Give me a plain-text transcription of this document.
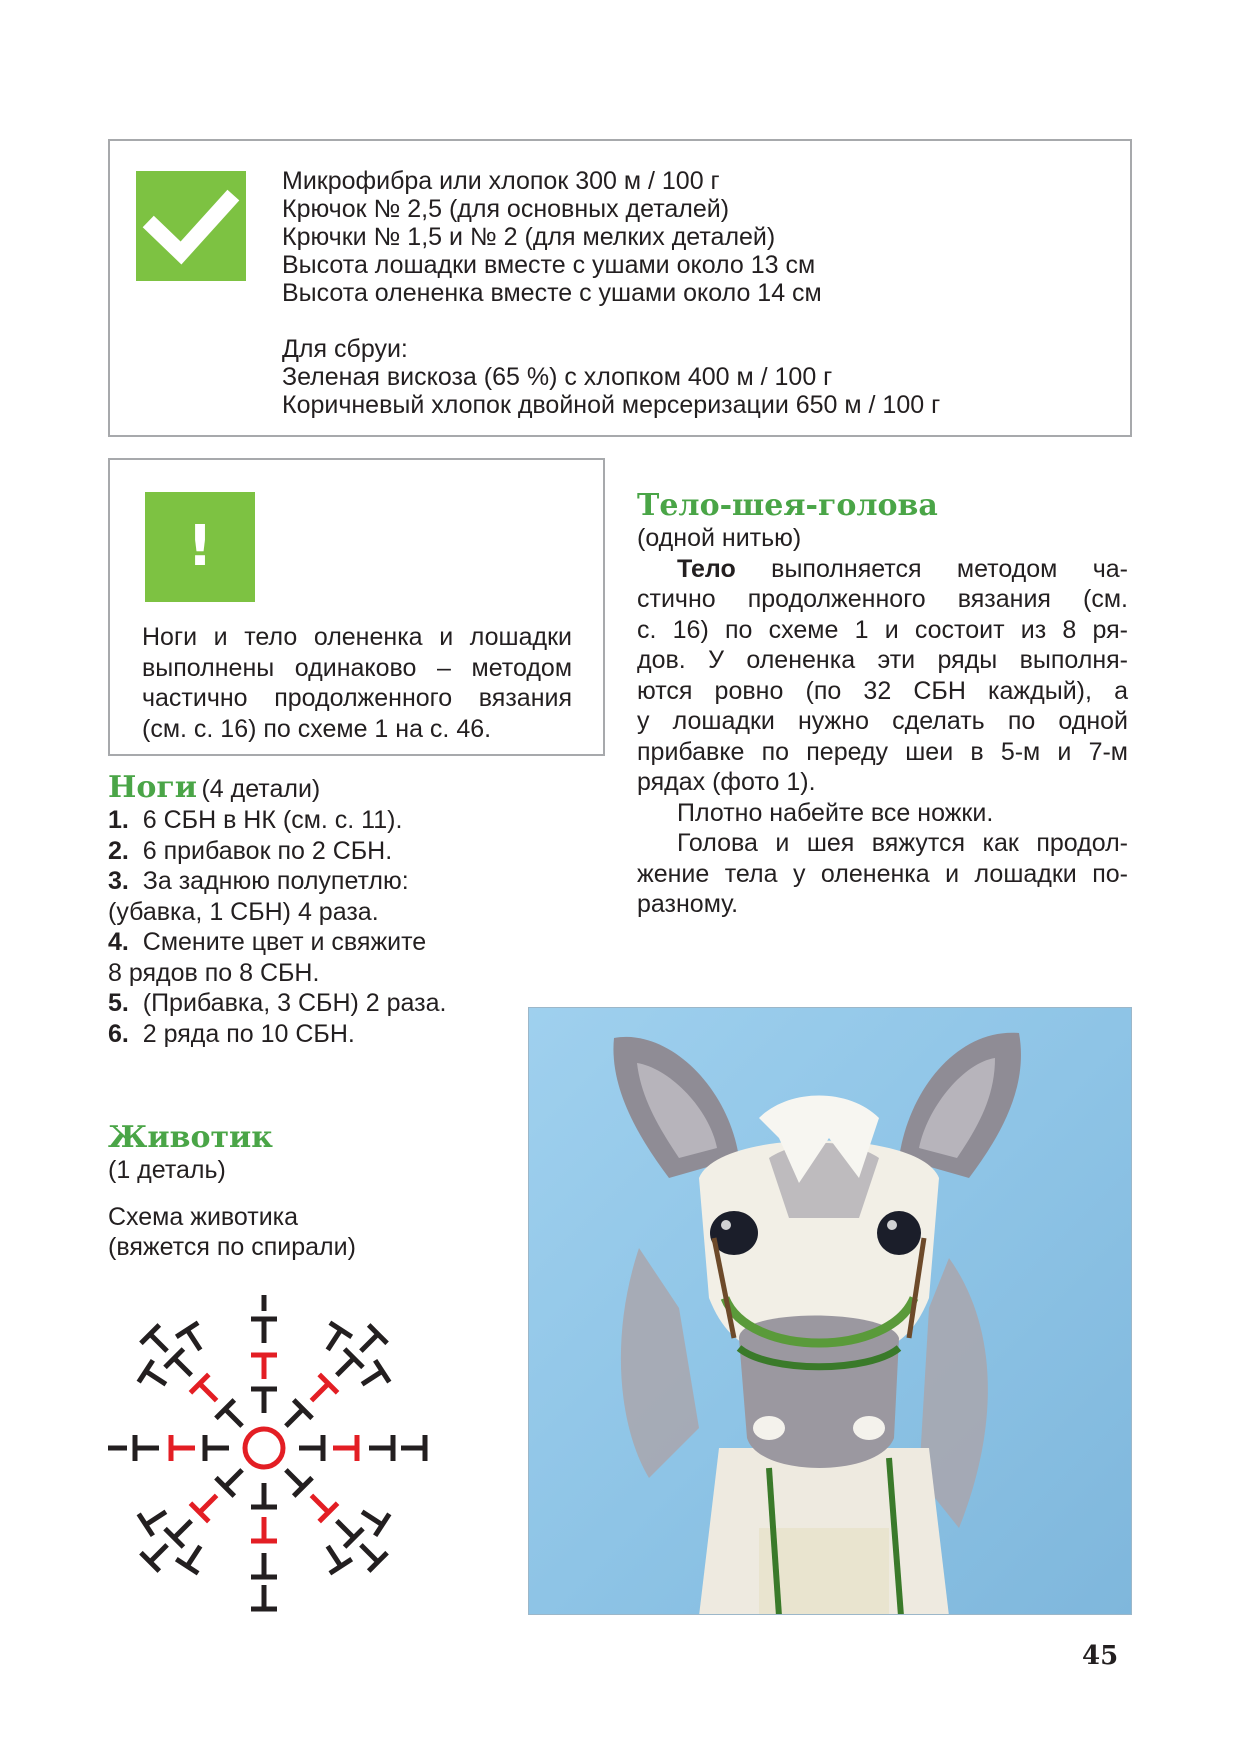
Микрофибра или хлопок 300 м / 100 г
Крючок № 2,5 (для основных деталей)
Крючки № 1,5 и № 2 (для мелких деталей)
Высота лошадки вместе с ушами около 13 см
Высота олененка вместе с ушами около 14 см
Для сбруи:
Зеленая вискоза (65 %) с хлопком 400 м / 100 г
Коричневый хлопок двойной мерсеризации 650 м / 100 г
!
Ноги и тело олененка и лошадки
выполнены одинаково – методом
частично продолженного вязания
(см. с. 16) по схеме 1 на с. 46.
Ноги (4 детали)
1. 6 СБН в НК (см. с. 11).
2. 6 прибавок по 2 СБН.
3. За заднюю полупетлю:
(убавка, 1 СБН) 4 раза.
4. Смените цвет и свяжите
8 рядов по 8 СБН.
5. (Прибавка, 3 СБН) 2 раза.
6. 2 ряда по 10 СБН.
Животик
(1 деталь)
Схема животика
(вяжется по спирали)
Тело-шея-голова
(одной нитью)
Тело выполняется методом ча-
стично продолженного вязания (см.
с. 16) по схеме 1 и состоит из 8 ря-
дов. У олененка эти ряды выполня-
ются ровно (по 32 СБН каждый), а
у лошадки нужно сделать по одной
прибавке по переду шеи в 5-м и 7-м
рядах (фото 1).
Плотно набейте все ножки.
Голова и шея вяжутся как продол-
жение тела у олененка и лошадки по-
разному.
45
